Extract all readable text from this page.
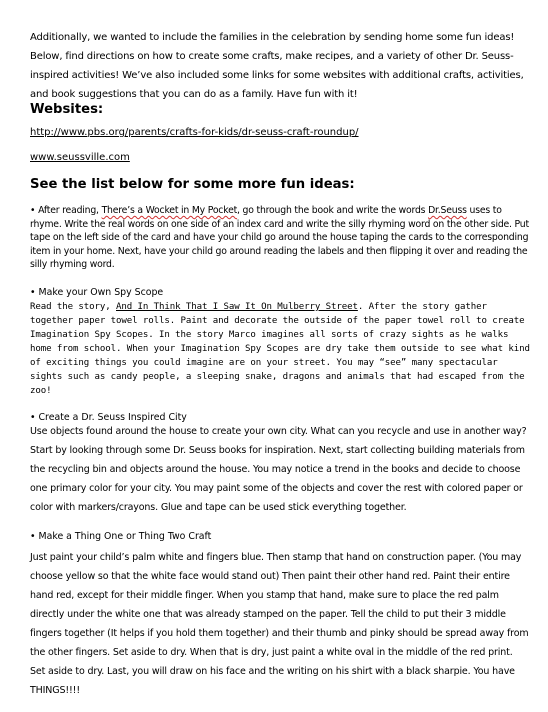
Additionally, we wanted to include the families in the celebration by sending home some fun ideas! Below, find directions on how to create some crafts, make recipes, and a variety of other Dr. Seuss-inspired activities! We’ve also included some links for some websites with additional crafts, activities, and book suggestions that you can do as a family. Have fun with it!

Websites:
http://www.pbs.org/parents/crafts-for-kids/dr-seuss-craft-roundup/
www.seussville.com
See the list below for some more fun ideas:

• After reading, There’s a Wocket in My Pocket, go through the book and write the words Dr.Seuss uses to rhyme. Write the real words on one side of an index card and write the silly rhyming word on the other side. Put tape on the left side of the card and have your child go around the house taping the cards to the corresponding item in your home. Next, have your child go around reading the labels and then flipping it over and reading the silly rhyming word.

• Make your Own Spy Scope

Read the story, And In Think That I Saw It On Mulberry Street. After the story gather together paper towel rolls. Paint and decorate the outside of the paper towel roll to create Imagination Spy Scopes. In the story Marco imagines all sorts of crazy sights as he walks home from school. When your Imagination Spy Scopes are dry take them outside to see what kind of exciting things you could imagine are on your street. You may “see” many spectacular sights such as candy people, a sleeping snake, dragons and animals that had escaped from the zoo!

• Create a Dr. Seuss Inspired City

Use objects found around the house to create your own city. What can you recycle and use in another way? Start by looking through some Dr. Seuss books for inspiration. Next, start collecting building materials from the recycling bin and objects around the house. You may notice a trend in the books and decide to choose one primary color for your city. You may paint some of the objects and cover the rest with colored paper or color with markers/crayons. Glue and tape can be used stick everything together.

• Make a Thing One or Thing Two Craft

Just paint your child’s palm white and fingers blue. Then stamp that hand on construction paper. (You may choose yellow so that the white face would stand out) Then paint their other hand red. Paint their entire hand red, except for their middle finger. When you stamp that hand, make sure to place the red palm directly under the white one that was already stamped on the paper. Tell the child to put their 3 middle fingers together (It helps if you hold them together) and their thumb and pinky should be spread away from the other fingers. Set aside to dry. When that is dry, just paint a white oval in the middle of the red print. Set aside to dry. Last, you will draw on his face and the writing on his shirt with a black sharpie. You have THINGS!!!!
